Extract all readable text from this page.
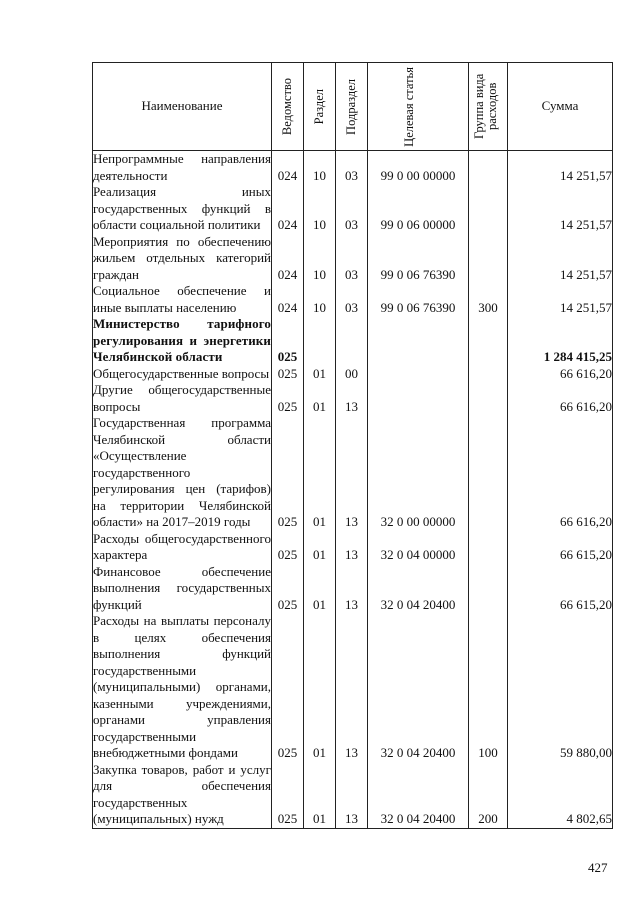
Наименование	Ведомство	Раздел	Подраздел	Целевая статья	Группа вида расходов	Сумма
Непрограммные направления деятельности	024	10	03	99 0 00 00000		14 251,57
Реализация иных государственных функций в области социальной политики	024	10	03	99 0 06 00000		14 251,57
Мероприятия по обеспечению жильем отдельных категорий граждан	024	10	03	99 0 06 76390		14 251,57
Социальное обеспечение и иные выплаты населению	024	10	03	99 0 06 76390	300	14 251,57
Министерство тарифного регулирования и энергетики Челябинской области	025					1 284 415,25
Общегосударственные вопросы	025	01	00			66 616,20
Другие общегосударственные вопросы	025	01	13			66 616,20
Государственная программа Челябинской области «Осуществление государственного регулирования цен (тарифов) на территории Челябинской области» на 2017–2019 годы	025	01	13	32 0 00 00000		66 616,20
Расходы общегосударственного характера	025	01	13	32 0 04 00000		66 615,20
Финансовое обеспечение выполнения государственных функций	025	01	13	32 0 04 20400		66 615,20
Расходы на выплаты персоналу в целях обеспечения выполнения функций государственными (муниципальными) органами, казенными учреждениями, органами управления государственными внебюджетными фондами	025	01	13	32 0 04 20400	100	59 880,00
Закупка товаров, работ и услуг для обеспечения государственных (муниципальных) нужд	025	01	13	32 0 04 20400	200	4 802,65
427
